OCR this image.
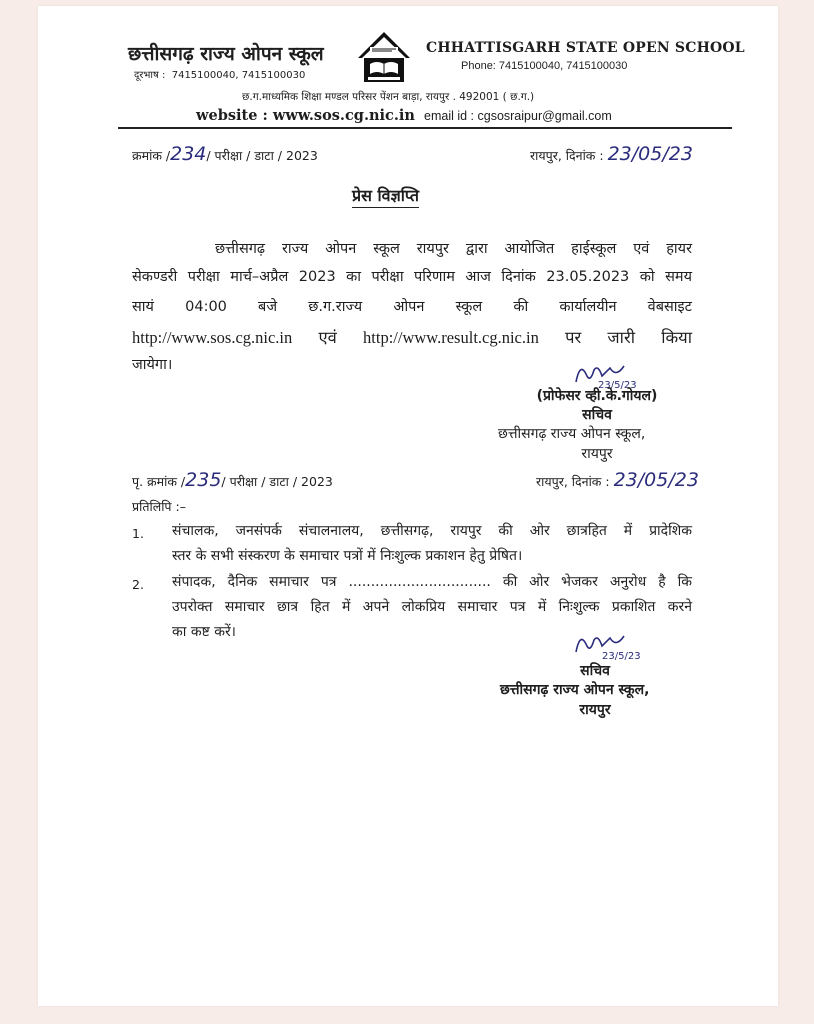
छत्तीसगढ़ राज्य ओपन स्कूल
दूरभाष : 7415100040, 7415100030
CHHATTISGARH STATE OPEN SCHOOL
Phone: 7415100040, 7415100030
छ.ग.माध्यमिक शिक्षा मण्डल परिसर पेंशन बाड़ा, रायपुर . 492001 ( छ.ग.)
website : www.sos.cg.nic.in email id : cgsosraipur@gmail.com
क्रमांक /234/ परीक्षा / डाटा / 2023	रायपुर, दिनांक : 23/05/23
प्रेस विज्ञप्ति
छत्तीसगढ़ राज्य ओपन स्कूल रायपुर द्वारा आयोजित हाईस्कूल एवं हायर
सेकण्डरी परीक्षा मार्च–अप्रैल 2023 का परीक्षा परिणाम आज दिनांक 23.05.2023 को समय
सायं 04:00 बजे छ.ग.राज्य ओपन स्कूल की कार्यालयीन वेबसाइट
http://www.sos.cg.nic.in एवं http://www.result.cg.nic.in पर जारी किया
जायेगा।
23/5/23
(प्रोफेसर व्ही.के.गोयल)
सचिव
छत्तीसगढ़ राज्य ओपन स्कूल,
रायपुर
पृ. क्रमांक /235/ परीक्षा / डाटा / 2023	रायपुर, दिनांक : 23/05/23
प्रतिलिपि :–
1. संचालक, जनसंपर्क संचालनालय, छत्तीसगढ़, रायपुर की ओर छात्रहित में प्रादेशिक
स्तर के सभी संस्करण के समाचार पत्रों में निःशुल्क प्रकाशन हेतु प्रेषित।
2. संपादक, दैनिक समाचार पत्र ................................ की ओर भेजकर अनुरोध है कि
उपरोक्त समाचार छात्र हित में अपने लोकप्रिय समाचार पत्र में निःशुल्क प्रकाशित करने
का कष्ट करें।
23/5/23
सचिव
छत्तीसगढ़ राज्य ओपन स्कूल,
रायपुर
